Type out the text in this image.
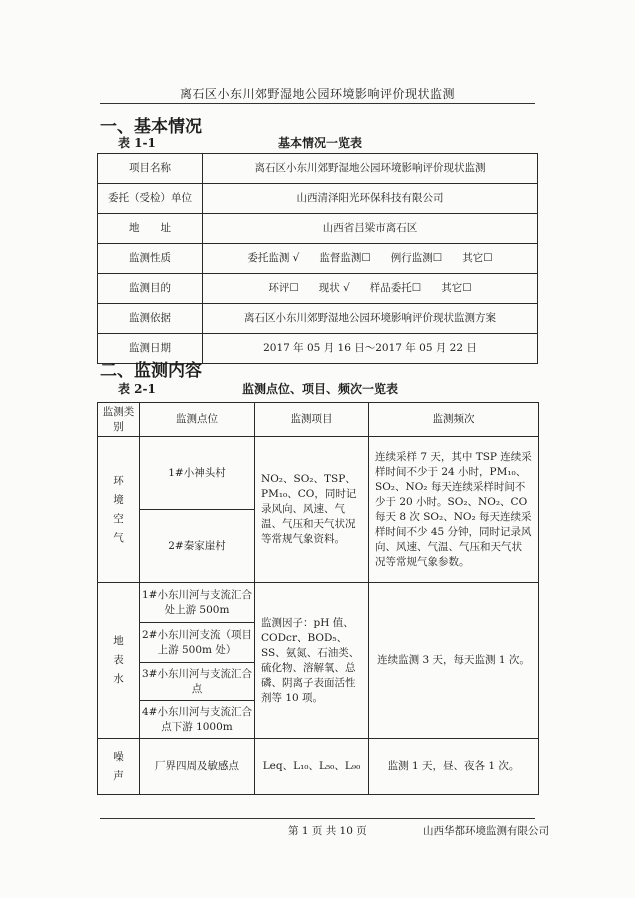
离石区小东川郊野湿地公园环境影响评价现状监测
一、基本情况
表 1-1	基本情况一览表
项目名称	离石区小东川郊野湿地公园环境影响评价现状监测
委托（受检）单位	山西清泽阳光环保科技有限公司
地　　址	山西省吕梁市离石区
监测性质	委托监测 √ 监督监测☐ 例行监测☐ 其它☐
监测目的	环评☐ 现状 √ 样品委托☐ 其它☐
监测依据	离石区小东川郊野湿地公园环境影响评价现状监测方案
监测日期	2017 年 05 月 16 日～2017 年 05 月 22 日
二、监测内容
表 2-1	监测点位、项目、频次一览表
监测类别	监测点位	监测项目	监测频次

环境空气	1#小神头村	NO₂、SO₂、TSP、PM₁₀、CO，同时记录风向、风速、气温、气压和天气状况等常规气象资料。	连续采样 7 天，其中 TSP 连续采样时间不少于 24 小时，PM₁₀、SO₂、NO₂ 每天连续采样时间不少于 20 小时。SO₂、NO₂、CO 每天 8 次 SO₂、NO₂ 每天连续采样时间不少 45 分钟，同时记录风向、风速、气温、气压和天气状况等常规气象参数。
	2#秦家崖村		

地表水	1#小东川河与支流汇合处上游 500m	监测因子：pH 值、CODcr、BOD₅、SS、氨氮、石油类、硫化物、溶解氧、总磷、阴离子表面活性剂等 10 项。	连续监测 3 天，每天监测 1 次。
	2#小东川河支流（项目上游 500m 处）		
	3#小东川河与支流汇合点		
	4#小东川河与支流汇合点下游 1000m		

噪声	厂界四周及敏感点	Leq、L₁₀、L₅₀、L₉₀	监测 1 天，昼、夜各 1 次。
第 1 页 共 10 页	山西华都环境监测有限公司
